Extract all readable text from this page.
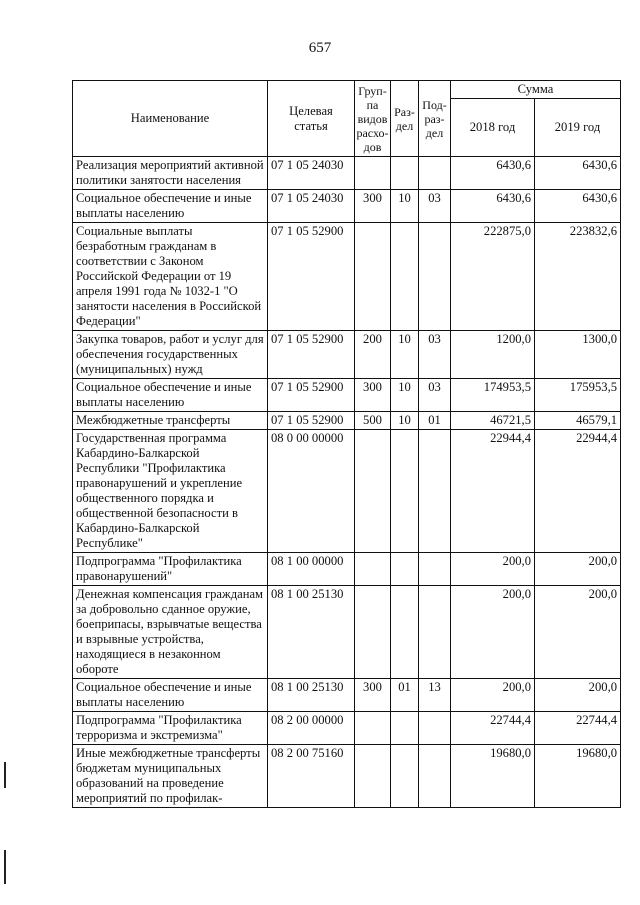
657
Наименование	Целевая статья	Груп- па видов расхо- дов	Раз- дел	Под- раз- дел	Сумма	
					2018 год	2019 год
Реализация мероприятий активной политики занятости населения	07 1 05 24030				6430,6	6430,6
Социальное обеспечение и иные выплаты населению	07 1 05 24030	300	10	03	6430,6	6430,6
Социальные выплаты безработным гражданам в соответствии с Законом Российской Федерации от 19 апреля 1991 года № 1032-1 "О занятости населения в Российской Федерации"	07 1 05 52900				222875,0	223832,6
Закупка товаров, работ и услуг для обеспечения государственных (муниципальных) нужд	07 1 05 52900	200	10	03	1200,0	1300,0
Социальное обеспечение и иные выплаты населению	07 1 05 52900	300	10	03	174953,5	175953,5
Межбюджетные трансферты	07 1 05 52900	500	10	01	46721,5	46579,1
Государственная программа Кабардино-Балкарской Республики "Профилактика правонарушений и укрепление общественного порядка и общественной безопасности в Кабардино-Балкарской Республике"	08 0 00 00000				22944,4	22944,4
Подпрограмма "Профилактика правонарушений"	08 1 00 00000				200,0	200,0
Денежная компенсация гражданам за добровольно сданное оружие, боеприпасы, взрывчатые вещества и взрывные устройства, находящиеся в незаконном обороте	08 1 00 25130				200,0	200,0
Социальное обеспечение и иные выплаты населению	08 1 00 25130	300	01	13	200,0	200,0
Подпрограмма "Профилактика терроризма и экстремизма"	08 2 00 00000				22744,4	22744,4
Иные межбюджетные трансферты бюджетам муниципальных образований на проведение мероприятий по профилак-	08 2 00 75160				19680,0	19680,0
